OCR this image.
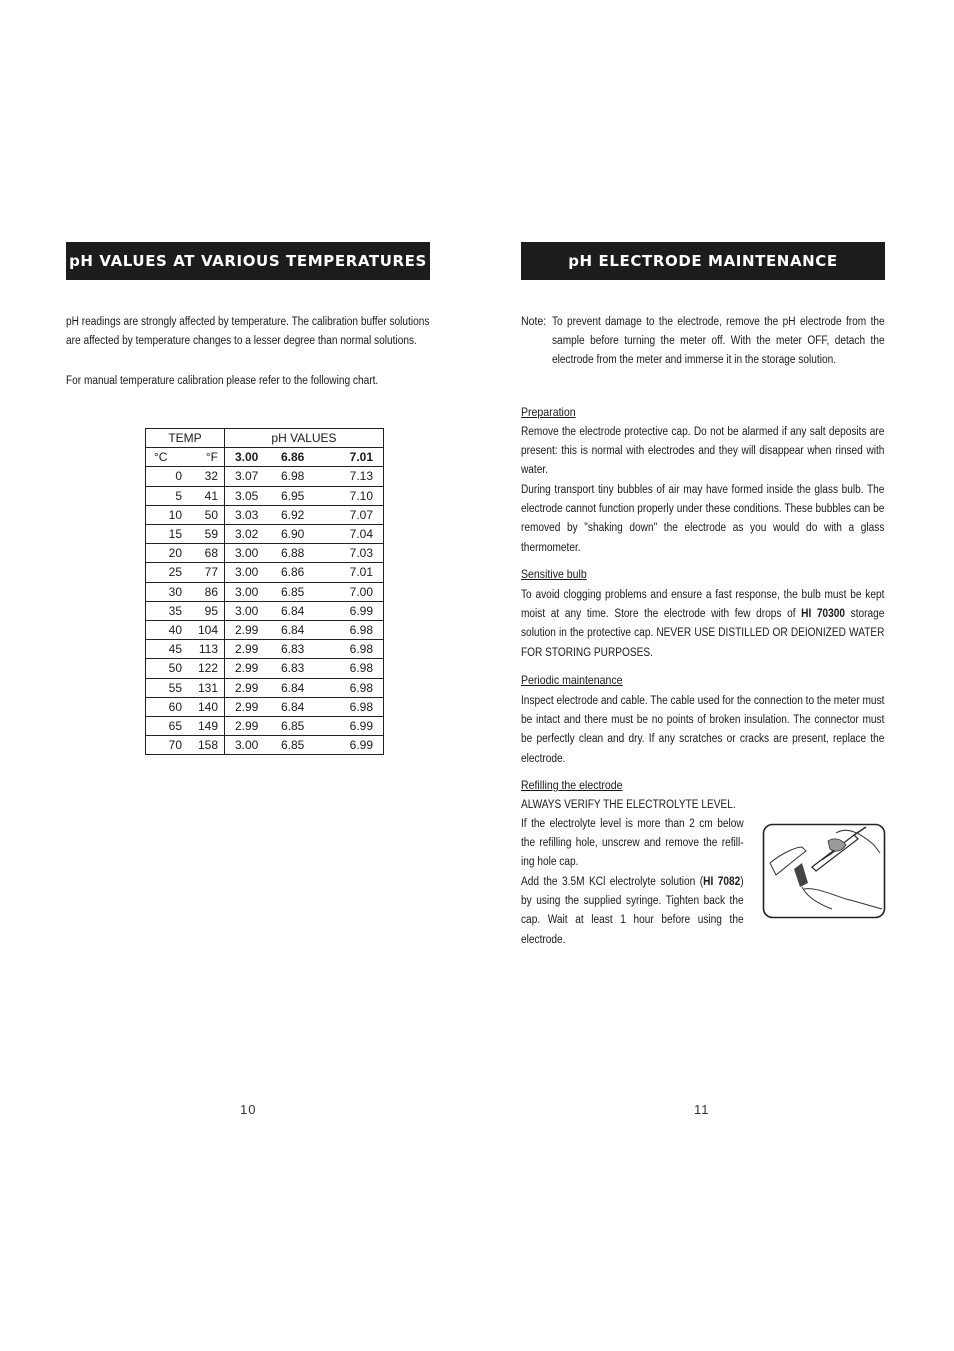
pH VALUES AT VARIOUS TEMPERATURES

pH readings are strongly affected by temperature. The calibration buffer solutions are affected by temperature changes to a lesser degree than normal solutions.

For manual temperature calibration please refer to the following chart.

TEMP		pH VALUES		
°C	°F	3.00	6.86	7.01
0	32	3.07	6.98	7.13
5	41	3.05	6.95	7.10
10	50	3.03	6.92	7.07
15	59	3.02	6.90	7.04
20	68	3.00	6.88	7.03
25	77	3.00	6.86	7.01
30	86	3.00	6.85	7.00
35	95	3.00	6.84	6.99
40	104	2.99	6.84	6.98
45	113	2.99	6.83	6.98
50	122	2.99	6.83	6.98
55	131	2.99	6.84	6.98
60	140	2.99	6.84	6.98
65	149	2.99	6.85	6.99
70	158	3.00	6.85	6.99
10
pH ELECTRODE MAINTENANCE
Note: To prevent damage to the electrode, remove the pH electrode from the sample before turning the meter off. With the meter OFF, detach the electrode from the meter and immerse it in the storage solution.

Preparation

Remove the electrode protective cap. Do not be alarmed if any salt deposits are present: this is normal with electrodes and they will disappear when rinsed with water.

During transport tiny bubbles of air may have formed inside the glass bulb. The electrode cannot function properly under these conditions. These bubbles can be removed by "shaking down" the electrode as you would do with a glass thermometer.

Sensitive bulb

To avoid clogging problems and ensure a fast response, the bulb must be kept moist at any time. Store the electrode with few drops of HI 70300 storage solution in the protective cap. NEVER USE DISTILLED OR DEIONIZED WATER FOR STORING PURPOSES.

Periodic maintenance

Inspect electrode and cable. The cable used for the connection to the meter must be intact and there must be no points of broken insulation. The connector must be perfectly clean and dry. If any scratches or cracks are present, replace the electrode.

Refilling the electrode

ALWAYS VERIFY THE ELECTROLYTE LEVEL.

If the electrolyte level is more than 2 cm below the refilling hole, unscrew and remove the refill-ing hole cap.

Add the 3.5M KCl electrolyte solution (HI 7082) by using the supplied syringe. Tighten back the cap. Wait at least 1 hour before using the electrode.

11
